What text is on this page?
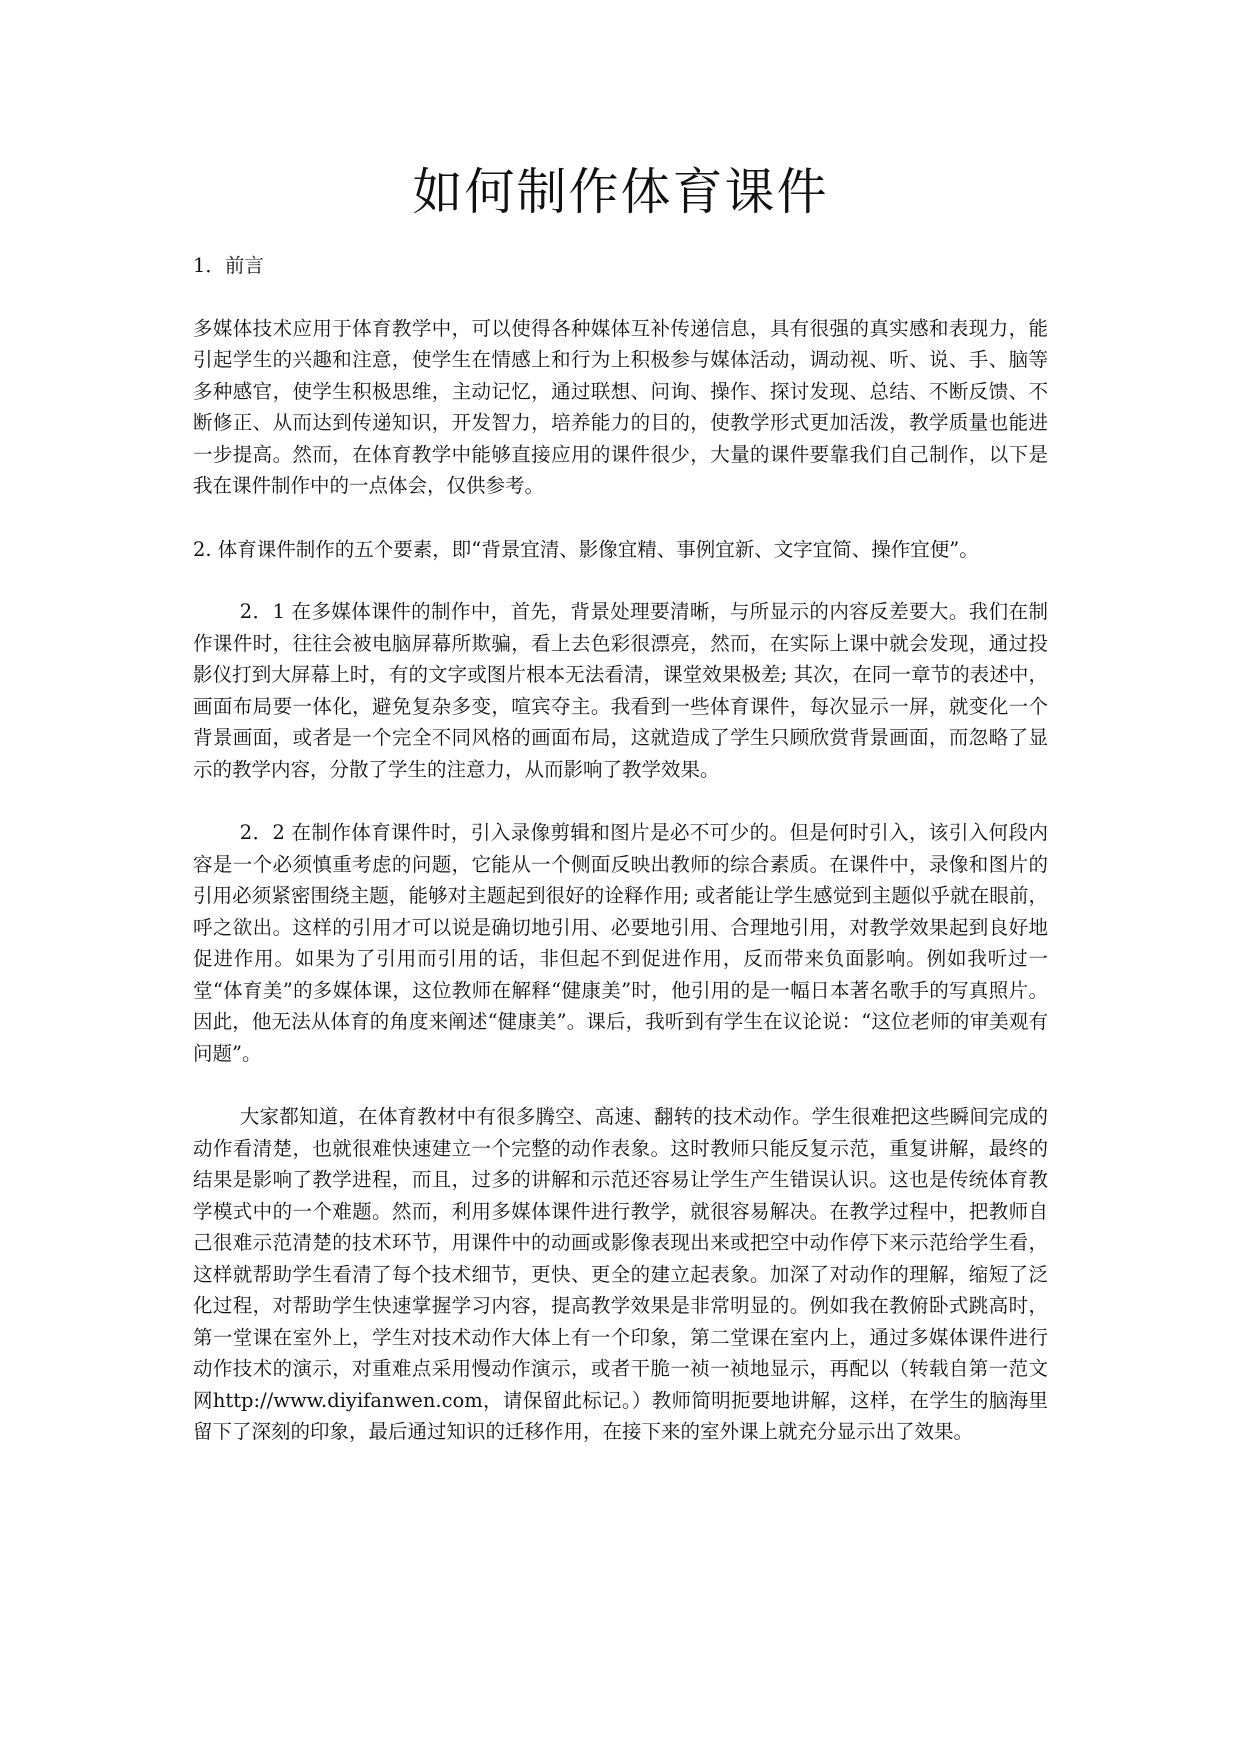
如何制作体育课件

1．前言

多媒体技术应用于体育教学中，可以使得各种媒体互补传递信息，具有很强的真实感和表现力，能引起学生的兴趣和注意，使学生在情感上和行为上积极参与媒体活动，调动视、听、说、手、脑等多种感官，使学生积极思维，主动记忆，通过联想、问询、操作、探讨发现、总结、不断反馈、不断修正、从而达到传递知识，开发智力，培养能力的目的，使教学形式更加活泼，教学质量也能进一步提高。然而，在体育教学中能够直接应用的课件很少，大量的课件要靠我们自己制作，以下是我在课件制作中的一点体会，仅供参考。

2. 体育课件制作的五个要素，即“背景宜清、影像宜精、事例宜新、文字宜简、操作宜便”。

2．1 在多媒体课件的制作中，首先，背景处理要清晰，与所显示的内容反差要大。我们在制作课件时，往往会被电脑屏幕所欺骗，看上去色彩很漂亮，然而，在实际上课中就会发现，通过投影仪打到大屏幕上时，有的文字或图片根本无法看清，课堂效果极差; 其次，在同一章节的表述中，画面布局要一体化，避免复杂多变，喧宾夺主。我看到一些体育课件，每次显示一屏，就变化一个背景画面，或者是一个完全不同风格的画面布局，这就造成了学生只顾欣赏背景画面，而忽略了显示的教学内容，分散了学生的注意力，从而影响了教学效果。

2．2 在制作体育课件时，引入录像剪辑和图片是必不可少的。但是何时引入，该引入何段内容是一个必须慎重考虑的问题，它能从一个侧面反映出教师的综合素质。在课件中，录像和图片的引用必须紧密围绕主题，能够对主题起到很好的诠释作用; 或者能让学生感觉到主题似乎就在眼前，呼之欲出。这样的引用才可以说是确切地引用、必要地引用、合理地引用，对教学效果起到良好地促进作用。如果为了引用而引用的话，非但起不到促进作用，反而带来负面影响。例如我听过一堂“体育美”的多媒体课，这位教师在解释“健康美”时，他引用的是一幅日本著名歌手的写真照片。因此，他无法从体育的角度来阐述“健康美”。课后，我听到有学生在议论说：“这位老师的审美观有问题”。

大家都知道，在体育教材中有很多腾空、高速、翻转的技术动作。学生很难把这些瞬间完成的动作看清楚，也就很难快速建立一个完整的动作表象。这时教师只能反复示范，重复讲解，最终的结果是影响了教学进程，而且，过多的讲解和示范还容易让学生产生错误认识。这也是传统体育教学模式中的一个难题。然而，利用多媒体课件进行教学，就很容易解决。在教学过程中，把教师自己很难示范清楚的技术环节，用课件中的动画或影像表现出来或把空中动作停下来示范给学生看，这样就帮助学生看清了每个技术细节，更快、更全的建立起表象。加深了对动作的理解，缩短了泛化过程，对帮助学生快速掌握学习内容，提高教学效果是非常明显的。例如我在教俯卧式跳高时，第一堂课在室外上，学生对技术动作大体上有一个印象，第二堂课在室内上，通过多媒体课件进行动作技术的演示，对重难点采用慢动作演示，或者干脆一祯一祯地显示，再配以（转载自第一范文网http://www.diyifanwen.com，请保留此标记。）教师简明扼要地讲解，这样，在学生的脑海里留下了深刻的印象，最后通过知识的迁移作用，在接下来的室外课上就充分显示出了效果。
